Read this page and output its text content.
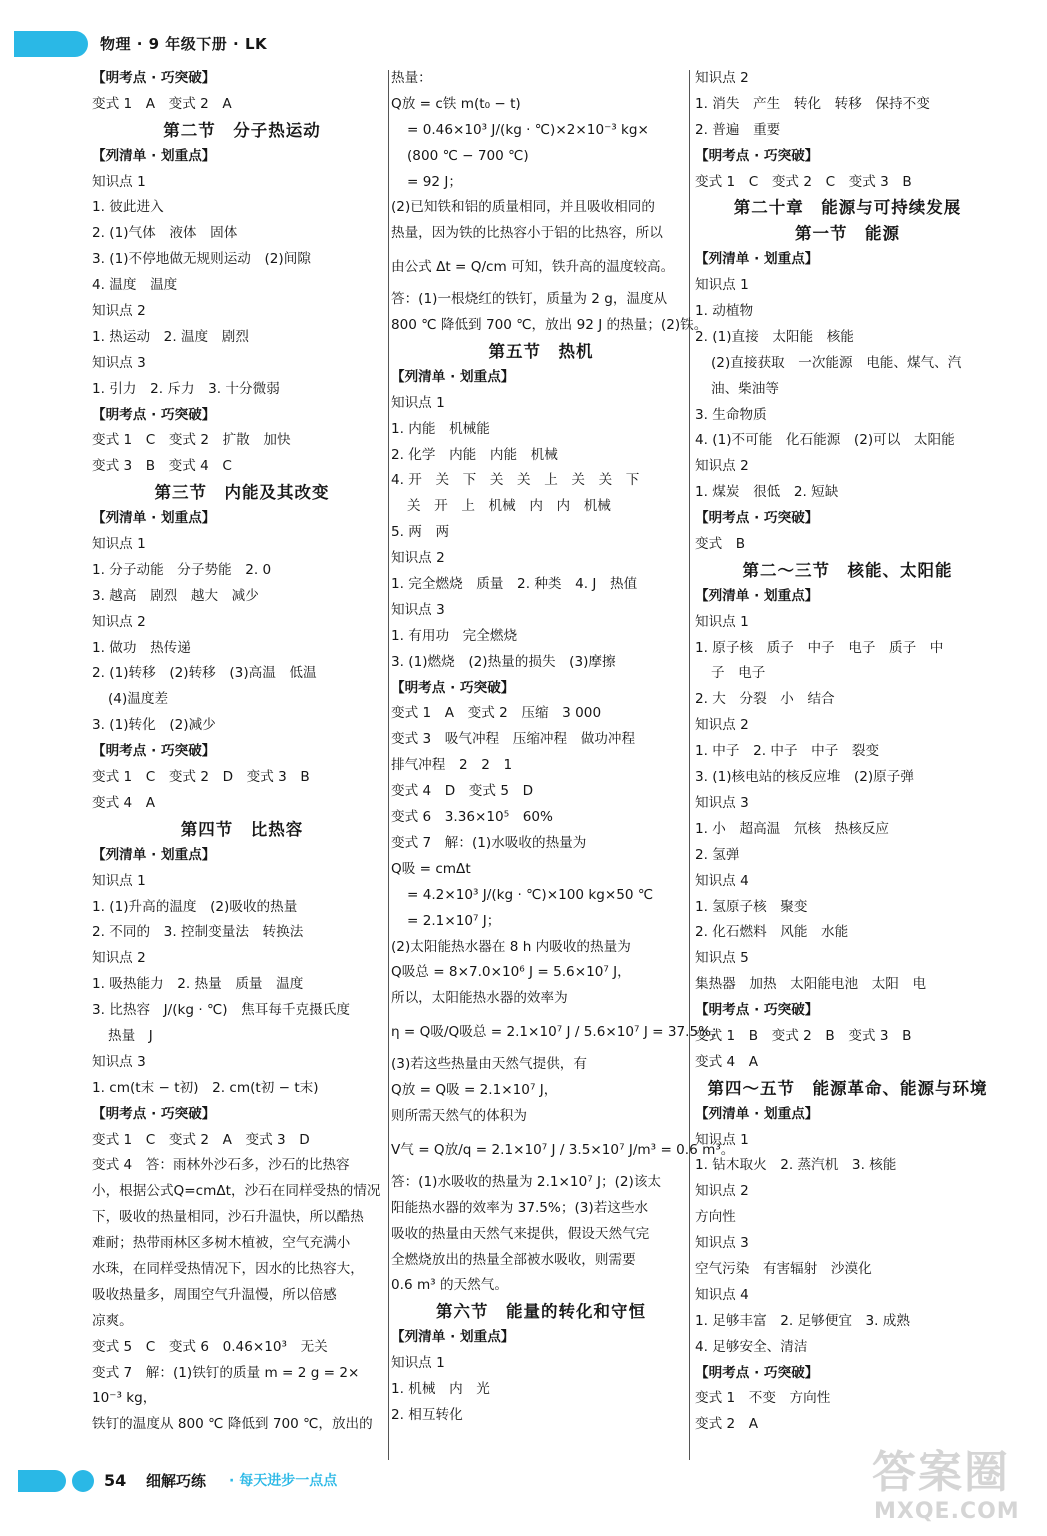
物理 · 9 年级下册 · LK
【明考点 · 巧突破】
变式 1　A　变式 2　A
第二节　分子热运动
【列清单 · 划重点】
知识点 1
1. 彼此进入
2. (1)气体　液体　固体
3. (1)不停地做无规则运动　(2)间隙
4. 温度　温度
知识点 2
1. 热运动　2. 温度　剧烈
知识点 3
1. 引力　2. 斥力　3. 十分微弱
【明考点 · 巧突破】
变式 1　C　变式 2　扩散　加快
变式 3　B　变式 4　C
第三节　内能及其改变
【列清单 · 划重点】
知识点 1
1. 分子动能　分子势能　2. 0
3. 越高　剧烈　越大　减少
知识点 2
1. 做功　热传递
2. (1)转移　(2)转移　(3)高温　低温
(4)温度差
3. (1)转化　(2)减少
【明考点 · 巧突破】
变式 1　C　变式 2　D　变式 3　B
变式 4　A
第四节　比热容
【列清单 · 划重点】
知识点 1
1. (1)升高的温度　(2)吸收的热量
2. 不同的　3. 控制变量法　转换法
知识点 2
1. 吸热能力　2. 热量　质量　温度
3. 比热容　J/(kg · ℃)　焦耳每千克摄氏度
热量　J
知识点 3
1. cm(t末 − t初)　2. cm(t初 − t末)
【明考点 · 巧突破】
变式 1　C　变式 2　A　变式 3　D
变式 4　答：雨林外沙石多，沙石的比热容
小，根据公式Q=cmΔt，沙石在同样受热的情况
下，吸收的热量相同，沙石升温快，所以酷热
难耐；热带雨林区多树木植被，空气充满小
水珠，在同样受热情况下，因水的比热容大，
吸收热量多，周围空气升温慢，所以倍感
凉爽。
变式 5　C　变式 6　0.46×10³　无关
变式 7　解：(1)铁钉的质量 m = 2 g = 2×
10⁻³ kg，
铁钉的温度从 800 ℃ 降低到 700 ℃，放出的
热量：
Q放 = c铁 m(t₀ − t)
= 0.46×10³ J/(kg · ℃)×2×10⁻³ kg×
(800 ℃ − 700 ℃)
= 92 J；
(2)已知铁和铝的质量相同，并且吸收相同的
热量，因为铁的比热容小于铝的比热容，所以
由公式 Δt = Q/cm 可知，铁升高的温度较高。
答：(1)一根烧红的铁钉，质量为 2 g，温度从
800 ℃ 降低到 700 ℃，放出 92 J 的热量；(2)铁。
第五节　热机
【列清单 · 划重点】
知识点 1
1. 内能　机械能
2. 化学　内能　内能　机械
4. 开　关　下　关　关　上　关　关　下
关　开　上　机械　内　内　机械
5. 两　两
知识点 2
1. 完全燃烧　质量　2. 种类　4. J　热值
知识点 3
1. 有用功　完全燃烧
3. (1)燃烧　(2)热量的损失　(3)摩擦
【明考点 · 巧突破】
变式 1　A　变式 2　压缩　3 000
变式 3　吸气冲程　压缩冲程　做功冲程
排气冲程　2　2　1
变式 4　D　变式 5　D
变式 6　3.36×10⁵　60%
变式 7　解：(1)水吸收的热量为
Q吸 = cmΔt
= 4.2×10³ J/(kg · ℃)×100 kg×50 ℃
= 2.1×10⁷ J；
(2)太阳能热水器在 8 h 内吸收的热量为
Q吸总 = 8×7.0×10⁶ J = 5.6×10⁷ J，
所以，太阳能热水器的效率为
η = Q吸/Q吸总 = 2.1×10⁷ J / 5.6×10⁷ J = 37.5%；
(3)若这些热量由天然气提供，有
Q放 = Q吸 = 2.1×10⁷ J，
则所需天然气的体积为
V气 = Q放/q = 2.1×10⁷ J / 3.5×10⁷ J/m³ = 0.6 m³。
答：(1)水吸收的热量为 2.1×10⁷ J；(2)该太
阳能热水器的效率为 37.5%；(3)若这些水
吸收的热量由天然气来提供，假设天然气完
全燃烧放出的热量全部被水吸收，则需要
0.6 m³ 的天然气。
第六节　能量的转化和守恒
【列清单 · 划重点】
知识点 1
1. 机械　内　光
2. 相互转化
知识点 2
1. 消失　产生　转化　转移　保持不变
2. 普遍　重要
【明考点 · 巧突破】
变式 1　C　变式 2　C　变式 3　B
第二十章　能源与可持续发展
第一节　能源
【列清单 · 划重点】
知识点 1
1. 动植物
2. (1)直接　太阳能　核能
(2)直接获取　一次能源　电能、煤气、汽
油、柴油等
3. 生命物质
4. (1)不可能　化石能源　(2)可以　太阳能
知识点 2
1. 煤炭　很低　2. 短缺
【明考点 · 巧突破】
变式　B
第二～三节　核能、太阳能
【列清单 · 划重点】
知识点 1
1. 原子核　质子　中子　电子　质子　中
子　电子
2. 大　分裂　小　结合
知识点 2
1. 中子　2. 中子　中子　裂变
3. (1)核电站的核反应堆　(2)原子弹
知识点 3
1. 小　超高温　氘核　热核反应
2. 氢弹
知识点 4
1. 氢原子核　聚变
2. 化石燃料　风能　水能
知识点 5
集热器　加热　太阳能电池　太阳　电
【明考点 · 巧突破】
变式 1　B　变式 2　B　变式 3　B
变式 4　A
第四～五节　能源革命、能源与环境
【列清单 · 划重点】
知识点 1
1. 钻木取火　2. 蒸汽机　3. 核能
知识点 2
方向性
知识点 3
空气污染　有害辐射　沙漠化
知识点 4
1. 足够丰富　2. 足够便宜　3. 成熟
4. 足够安全、清洁
【明考点 · 巧突破】
变式 1　不变　方向性
变式 2　A
54 细解巧练 · 每天进步一点点	答案圈
MXQE.COM
